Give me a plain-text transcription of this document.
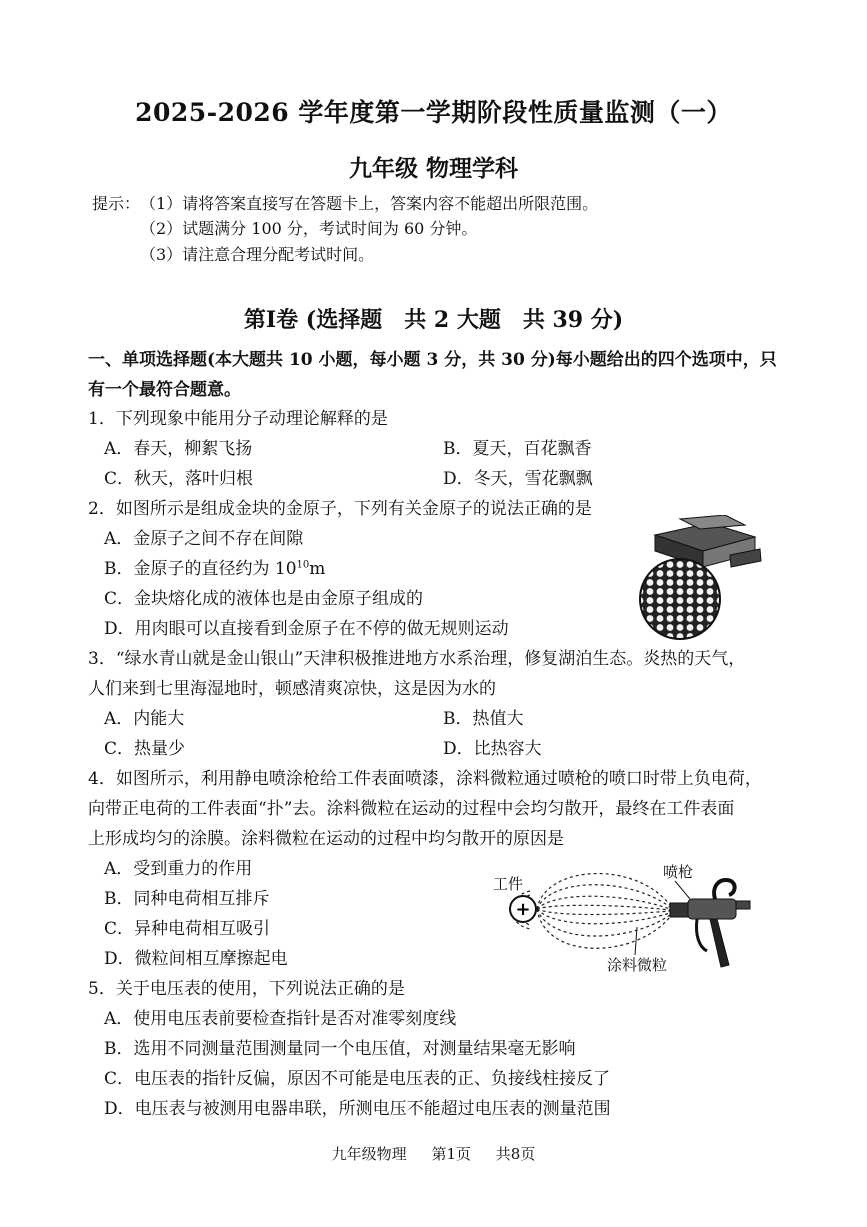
2025-2026 学年度第一学期阶段性质量监测（一）
九年级 物理学科
提示： （1）请将答案直接写在答题卡上，答案内容不能超出所限范围。
（2）试题满分 100 分，考试时间为 60 分钟。
（3）请注意合理分配考试时间。
第Ⅰ卷 (选择题　共 2 大题　共 39 分)
一、单项选择题(本大题共 10 小题，每小题 3 分，共 30 分)每小题给出的四个选项中，只
有一个最符合题意。
1．下列现象中能用分子动理论解释的是
A．春天，柳絮飞扬	B．夏天，百花飘香
C．秋天，落叶归根	D．冬天，雪花飘飘
2．如图所示是组成金块的金原子，下列有关金原子的说法正确的是
A．金原子之间不存在间隙
B．金原子的直径约为 $10^{10}m$
C．金块熔化成的液体也是由金原子组成的
D．用肉眼可以直接看到金原子在不停的做无规则运动
3．“绿水青山就是金山银山”天津积极推进地方水系治理，修复湖泊生态。炎热的天气，
人们来到七里海湿地时，顿感清爽凉快，这是因为水的
A．内能大	B．热值大
C．热量少	D．比热容大
4．如图所示，利用静电喷涂枪给工件表面喷漆，涂料微粒通过喷枪的喷口时带上负电荷，
向带正电荷的工件表面“扑”去。涂料微粒在运动的过程中会均匀散开，最终在工件表面
上形成均匀的涂膜。涂料微粒在运动的过程中均匀散开的原因是
A．受到重力的作用
B．同种电荷相互排斥
C．异种电荷相互吸引
D．微粒间相互摩擦起电
+
工件
喷枪
涂料微粒
5．关于电压表的使用，下列说法正确的是
A．使用电压表前要检查指针是否对准零刻度线
B．选用不同测量范围测量同一个电压值，对测量结果毫无影响
C．电压表的指针反偏，原因不可能是电压表的正、负接线柱接反了
D．电压表与被测用电器串联，所测电压不能超过电压表的测量范围
九年级物理 第1页 共8页
